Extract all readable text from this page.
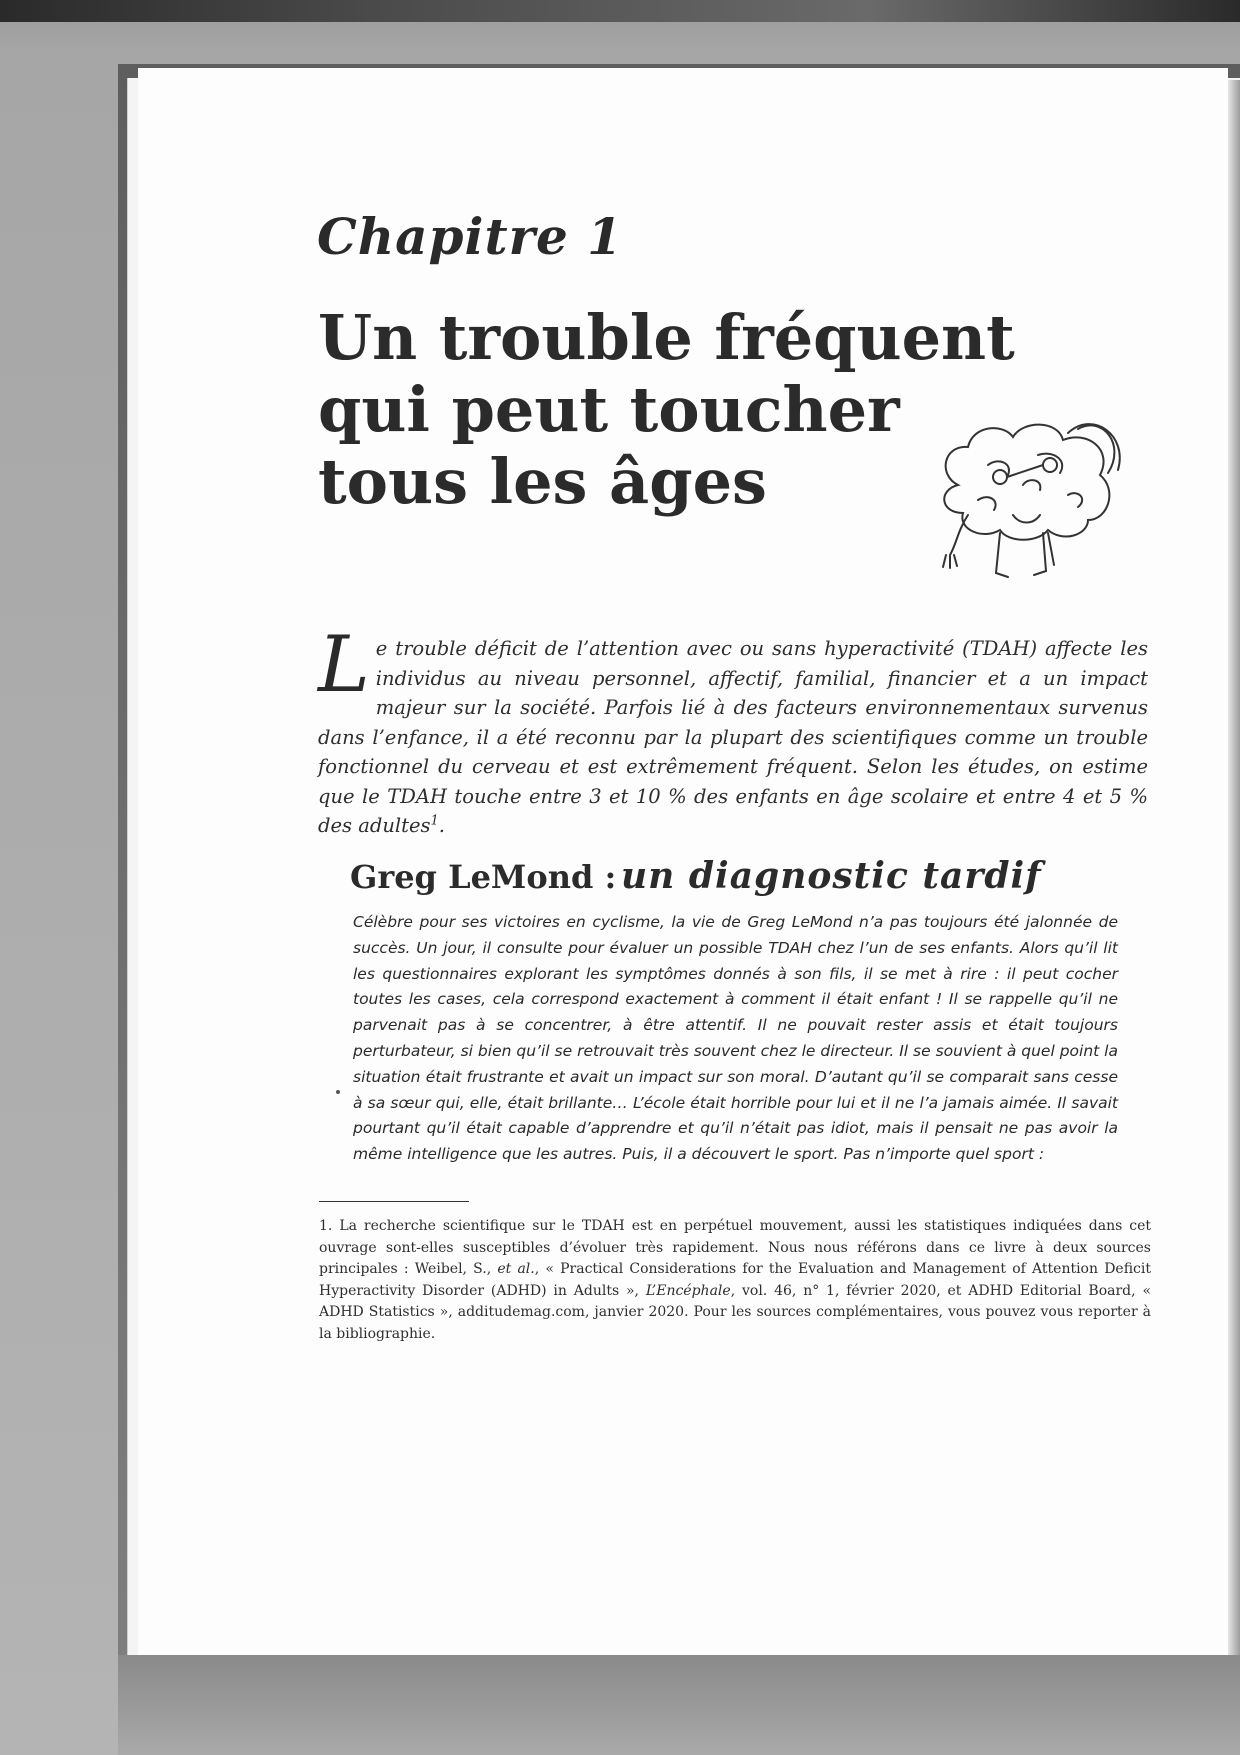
Chapitre 1
Un trouble fréquent
qui peut toucher
tous les âges

Le trouble déficit de l’attention avec ou sans hyperactivité (TDAH) affecte les individus au niveau personnel, affectif, familial, financier et a un impact majeur sur la société. Parfois lié à des facteurs environnementaux survenus dans l’enfance, il a été reconnu par la plupart des scientifiques comme un trouble fonctionnel du cerveau et est extrêmement fréquent. Selon les études, on estime que le TDAH touche entre 3 et 10 % des enfants en âge scolaire et entre 4 et 5 % des adultes$^1$.

Greg LeMond : un diagnostic tardif

Célèbre pour ses victoires en cyclisme, la vie de Greg LeMond n’a pas toujours été jalonnée de succès. Un jour, il consulte pour évaluer un possible TDAH chez l’un de ses enfants. Alors qu’il lit les questionnaires explorant les symptômes donnés à son fils, il se met à rire : il peut cocher toutes les cases, cela correspond exactement à comment il était enfant ! Il se rappelle qu’il ne parvenait pas à se concentrer, à être attentif. Il ne pouvait rester assis et était toujours perturbateur, si bien qu’il se retrouvait très souvent chez le directeur. Il se souvient à quel point la situation était frustrante et avait un impact sur son moral. D’autant qu’il se comparait sans cesse à sa sœur qui, elle, était brillante… L’école était horrible pour lui et il ne l’a jamais aimée. Il savait pourtant qu’il était capable d’apprendre et qu’il n’était pas idiot, mais il pensait ne pas avoir la même intelligence que les autres. Puis, il a découvert le sport. Pas n’importe quel sport :

1. La recherche scientifique sur le TDAH est en perpétuel mouvement, aussi les statistiques indiquées dans cet ouvrage sont-elles susceptibles d’évoluer très rapidement. Nous nous référons dans ce livre à deux sources principales : Weibel, S., et al., « Practical Considerations for the Evaluation and Management of Attention Deficit Hyperactivity Disorder (ADHD) in Adults », L’Encéphale, vol. 46, n° 1, février 2020, et ADHD Editorial Board, « ADHD Statistics », additudemag.com, janvier 2020. Pour les sources complémentaires, vous pouvez vous reporter à la bibliographie.
